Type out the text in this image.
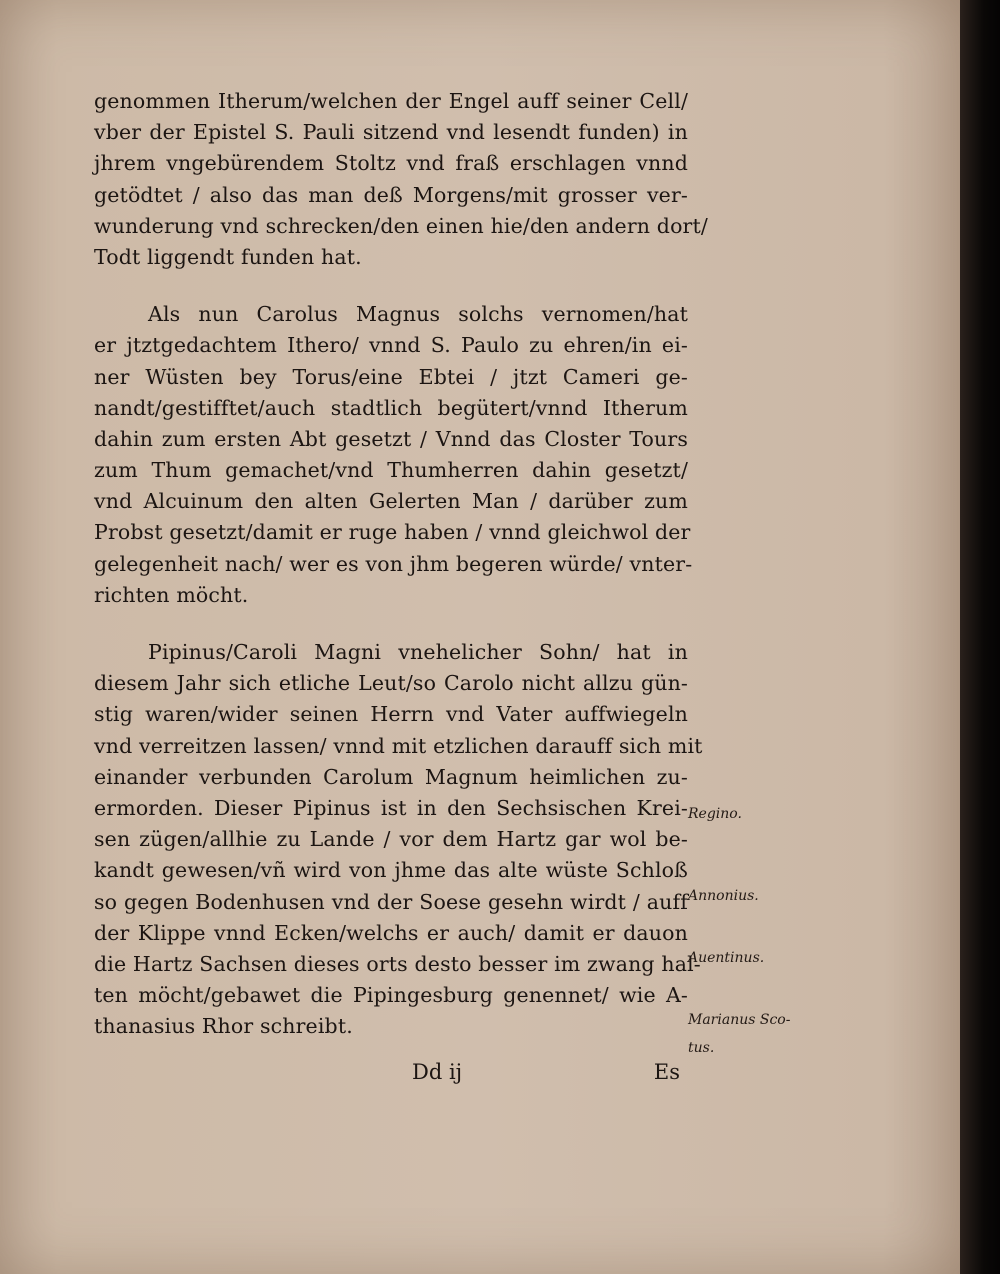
genommen Itherum/welchen der Engel auff seiner Cell/
vber der Epistel S. Pauli sitzend vnd lesendt funden) in
jhrem vngebürendem Stoltz vnd fraß erschlagen vnnd
getödtet / also das man deß Morgens/mit grosser ver-
wunderung vnd schrecken/den einen hie/den andern dort/
Todt liggendt funden hat.
Als nun Carolus Magnus solchs vernomen/hat
er jtztgedachtem Ithero/ vnnd S. Paulo zu ehren/in ei-
ner Wüsten bey Torus/eine Ebtei / jtzt Cameri ge-
nandt/gestifftet/auch stadtlich begütert/vnnd Itherum
dahin zum ersten Abt gesetzt / Vnnd das Closter Tours
zum Thum gemachet/vnd Thumherren dahin gesetzt/
vnd Alcuinum den alten Gelerten Man / darüber zum
Probst gesetzt/damit er ruge haben / vnnd gleichwol der
gelegenheit nach/ wer es von jhm begeren würde/ vnter-
richten möcht.
Pipinus/Caroli Magni vnehelicher Sohn/ hat in
diesem Jahr sich etliche Leut/so Carolo nicht allzu gün-
stig waren/wider seinen Herrn vnd Vater auffwiegeln
vnd verreitzen lassen/ vnnd mit etzlichen darauff sich mit
einander verbunden Carolum Magnum heimlichen zu-
ermorden. Dieser Pipinus ist in den Sechsischen Krei-
sen zügen/allhie zu Lande / vor dem Hartz gar wol be-
kandt gewesen/vñ wird von jhme das alte wüste Schloß
so gegen Bodenhusen vnd der Soese gesehn wirdt / auff
der Klippe vnnd Ecken/welchs er auch/ damit er dauon
die Hartz Sachsen dieses orts desto besser im zwang hal-
ten möcht/gebawet die Pipingesburg genennet/ wie A-
thanasius Rhor schreibt.
Regino.
Annonius.
Auentinus.
Marianus Sco-
tus.
Dd ij	Es
